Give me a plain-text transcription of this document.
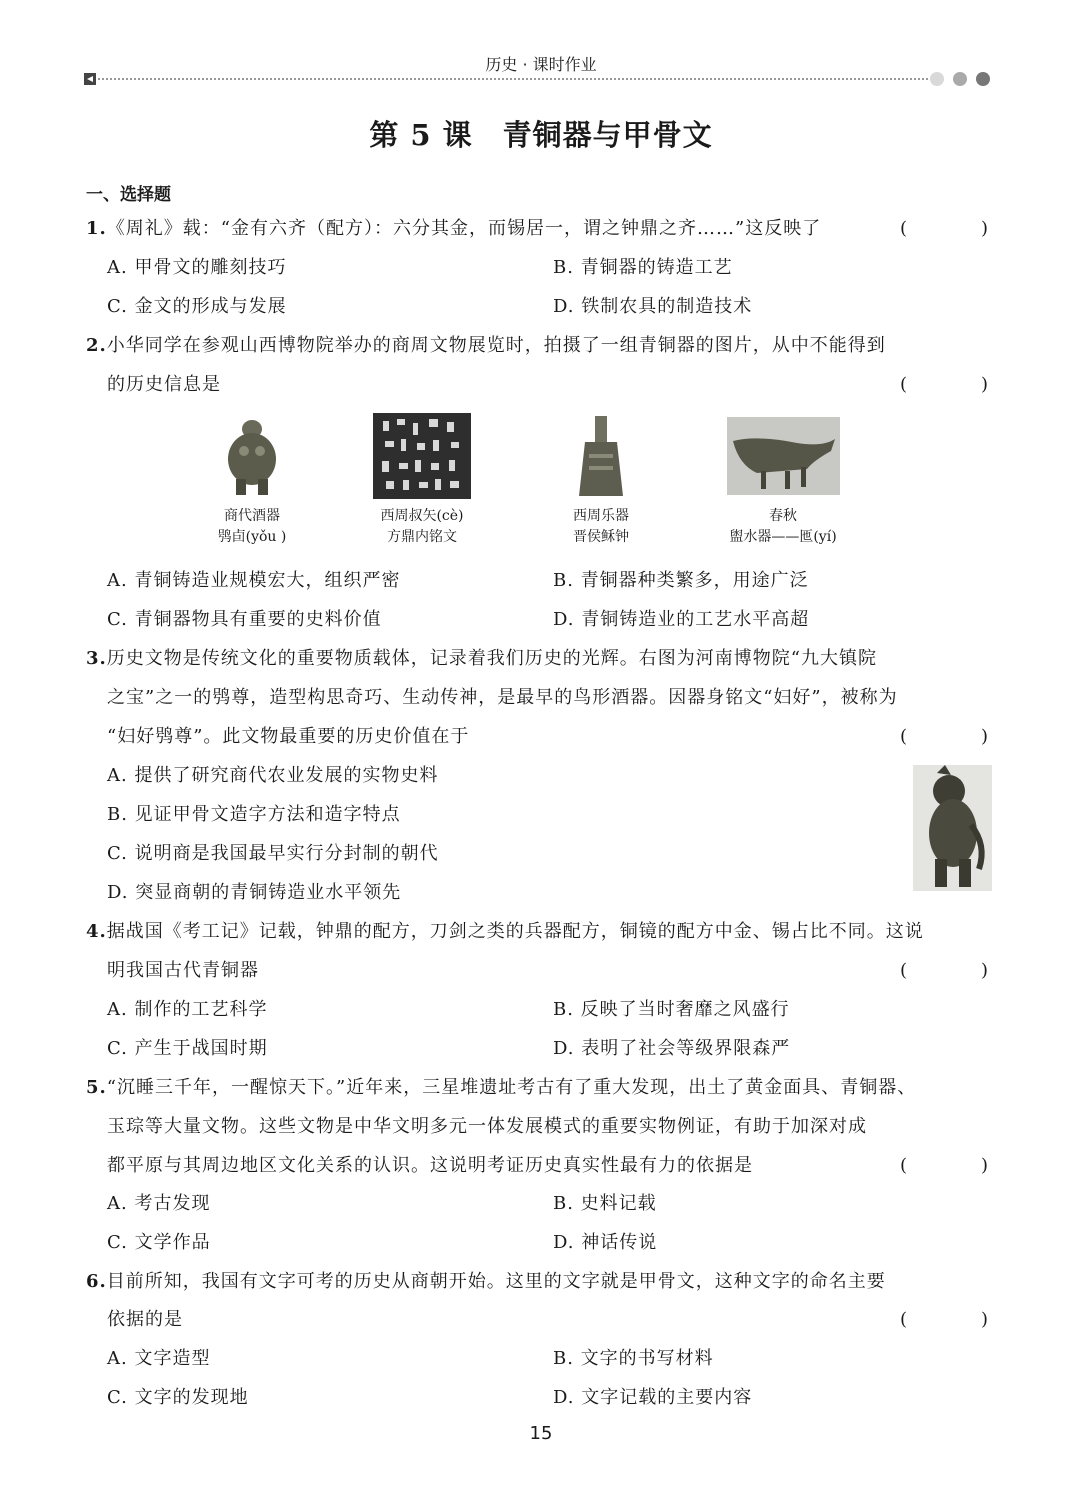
历史 · 课时作业
第 5 课　青铜器与甲骨文
一、选择题
1.《周礼》载：“金有六齐（配方）：六分其金，而锡居一，谓之钟鼎之齐……”这反映了	(	)
A. 甲骨文的雕刻技巧	B. 青铜器的铸造工艺
C. 金文的形成与发展	D. 铁制农具的制造技术
2.小华同学在参观山西博物院举办的商周文物展览时，拍摄了一组青铜器的图片，从中不能得到
的历史信息是	(	)
商代酒器
鸮卣(yǒu )
西周叔矢(cè)
方鼎内铭文
西周乐器
晋侯稣钟
春秋
盥水器——匜(yí)
A. 青铜铸造业规模宏大，组织严密	B. 青铜器种类繁多，用途广泛
C. 青铜器物具有重要的史料价值	D. 青铜铸造业的工艺水平高超
3.历史文物是传统文化的重要物质载体，记录着我们历史的光辉。右图为河南博物院“九大镇院
之宝”之一的鸮尊，造型构思奇巧、生动传神，是最早的鸟形酒器。因器身铭文“妇好”，被称为
“妇好鸮尊”。此文物最重要的历史价值在于	(	)
A. 提供了研究商代农业发展的实物史料
B. 见证甲骨文造字方法和造字特点
C. 说明商是我国最早实行分封制的朝代
D. 突显商朝的青铜铸造业水平领先
4.据战国《考工记》记载，钟鼎的配方，刀剑之类的兵器配方，铜镜的配方中金、锡占比不同。这说
明我国古代青铜器	(	)
A. 制作的工艺科学	B. 反映了当时奢靡之风盛行
C. 产生于战国时期	D. 表明了社会等级界限森严
5.“沉睡三千年，一醒惊天下。”近年来，三星堆遗址考古有了重大发现，出土了黄金面具、青铜器、
玉琮等大量文物。这些文物是中华文明多元一体发展模式的重要实物例证，有助于加深对成
都平原与其周边地区文化关系的认识。这说明考证历史真实性最有力的依据是	(	)
A. 考古发现	B. 史料记载
C. 文学作品	D. 神话传说
6.目前所知，我国有文字可考的历史从商朝开始。这里的文字就是甲骨文，这种文字的命名主要
依据的是	(	)
A. 文字造型	B. 文字的书写材料
C. 文字的发现地	D. 文字记载的主要内容
15
